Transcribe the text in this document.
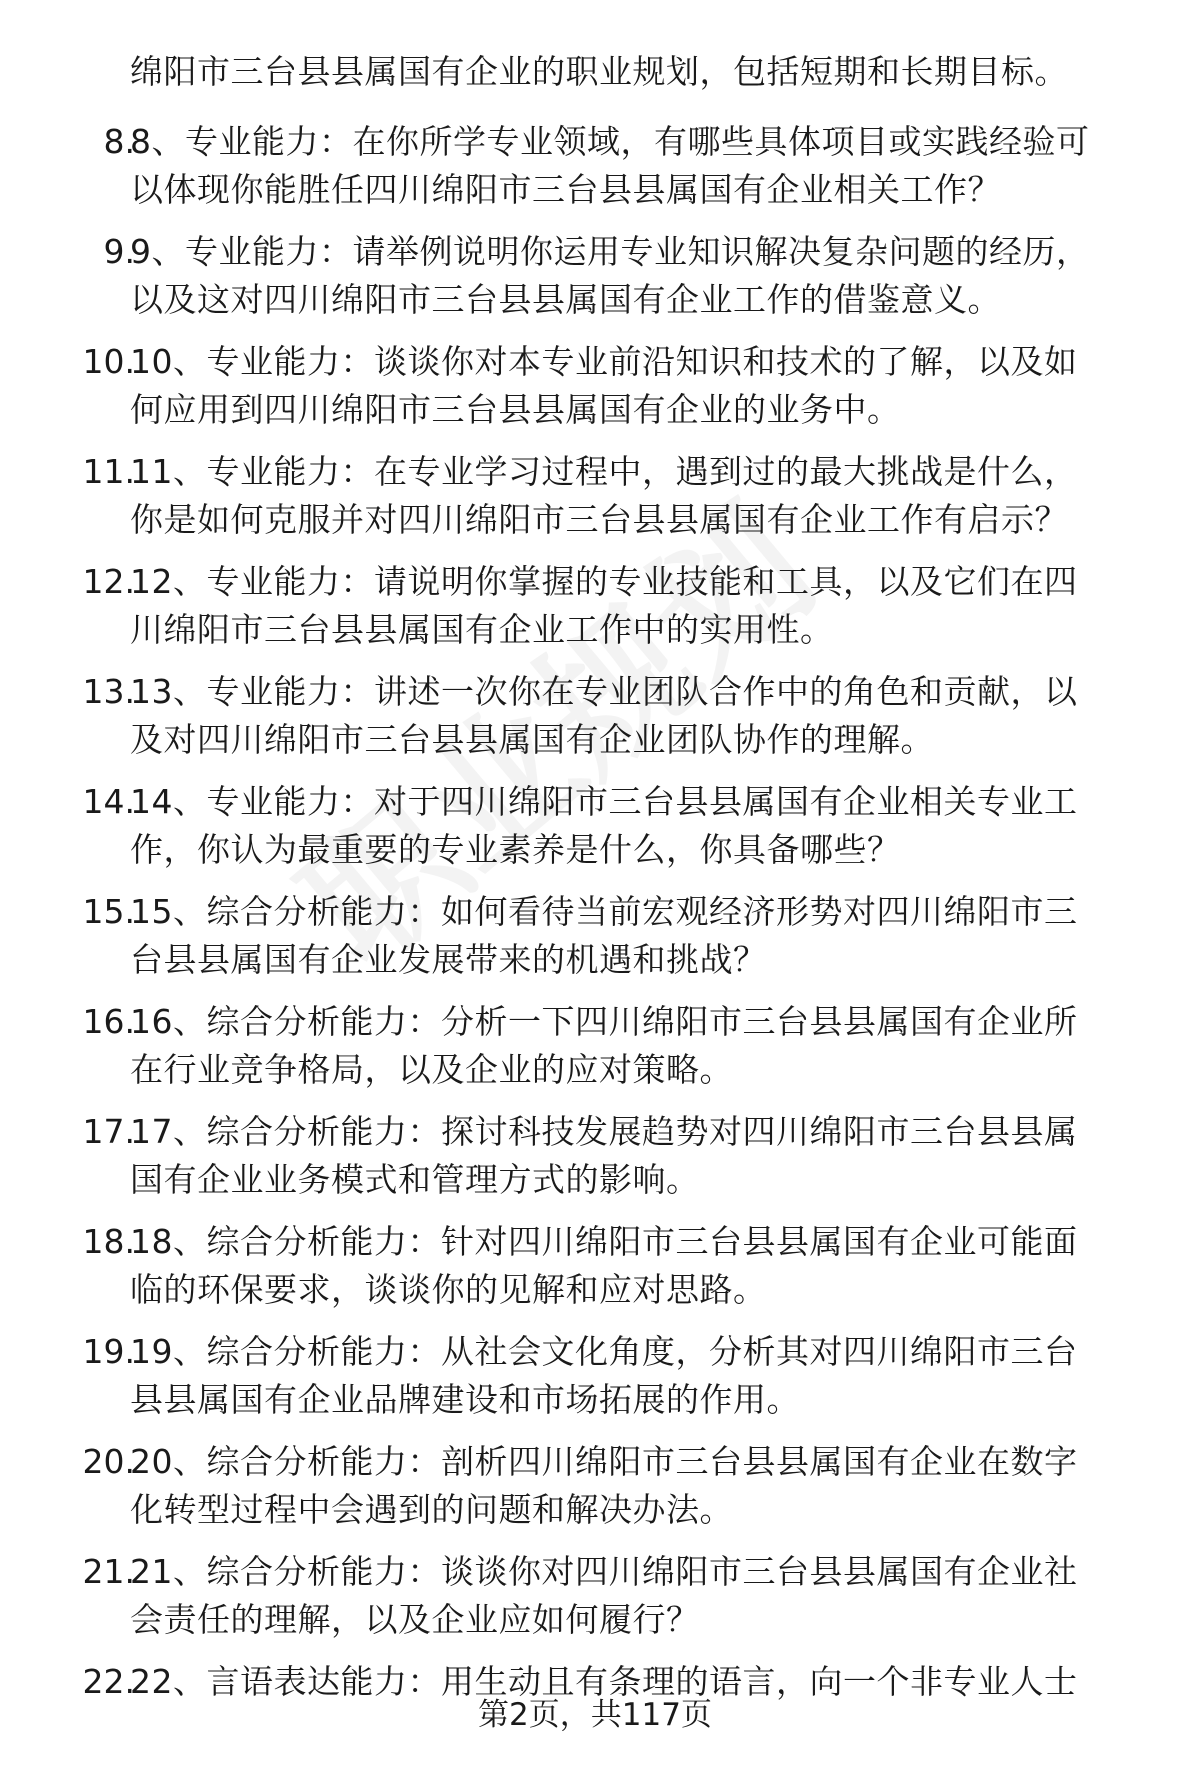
绵阳市三台县县属国有企业的职业规划，包括短期和长期目标。
8.
8、专业能力：在你所学专业领域，有哪些具体项目或实践经验可
以体现你能胜任四川绵阳市三台县县属国有企业相关工作？
9.
9、专业能力：请举例说明你运用专业知识解决复杂问题的经历，
以及这对四川绵阳市三台县县属国有企业工作的借鉴意义。
10.
10、专业能力：谈谈你对本专业前沿知识和技术的了解，以及如
何应用到四川绵阳市三台县县属国有企业的业务中。
11.
11、专业能力：在专业学习过程中，遇到过的最大挑战是什么，
你是如何克服并对四川绵阳市三台县县属国有企业工作有启示？
12.
12、专业能力：请说明你掌握的专业技能和工具，以及它们在四
川绵阳市三台县县属国有企业工作中的实用性。
13.
13、专业能力：讲述一次你在专业团队合作中的角色和贡献，以
及对四川绵阳市三台县县属国有企业团队协作的理解。
14.
14、专业能力：对于四川绵阳市三台县县属国有企业相关专业工
作，你认为最重要的专业素养是什么，你具备哪些？
15.
15、综合分析能力：如何看待当前宏观经济形势对四川绵阳市三
台县县属国有企业发展带来的机遇和挑战？
16.
16、综合分析能力：分析一下四川绵阳市三台县县属国有企业所
在行业竞争格局，以及企业的应对策略。
17.
17、综合分析能力：探讨科技发展趋势对四川绵阳市三台县县属
国有企业业务模式和管理方式的影响。
18.
18、综合分析能力：针对四川绵阳市三台县县属国有企业可能面
临的环保要求，谈谈你的见解和应对思路。
19.
19、综合分析能力：从社会文化角度，分析其对四川绵阳市三台
县县属国有企业品牌建设和市场拓展的作用。
20.
20、综合分析能力：剖析四川绵阳市三台县县属国有企业在数字
化转型过程中会遇到的问题和解决办法。
21.
21、综合分析能力：谈谈你对四川绵阳市三台县县属国有企业社
会责任的理解，以及企业应如何履行？
22.
22、言语表达能力：用生动且有条理的语言，向一个非专业人士
第2页，共117页
